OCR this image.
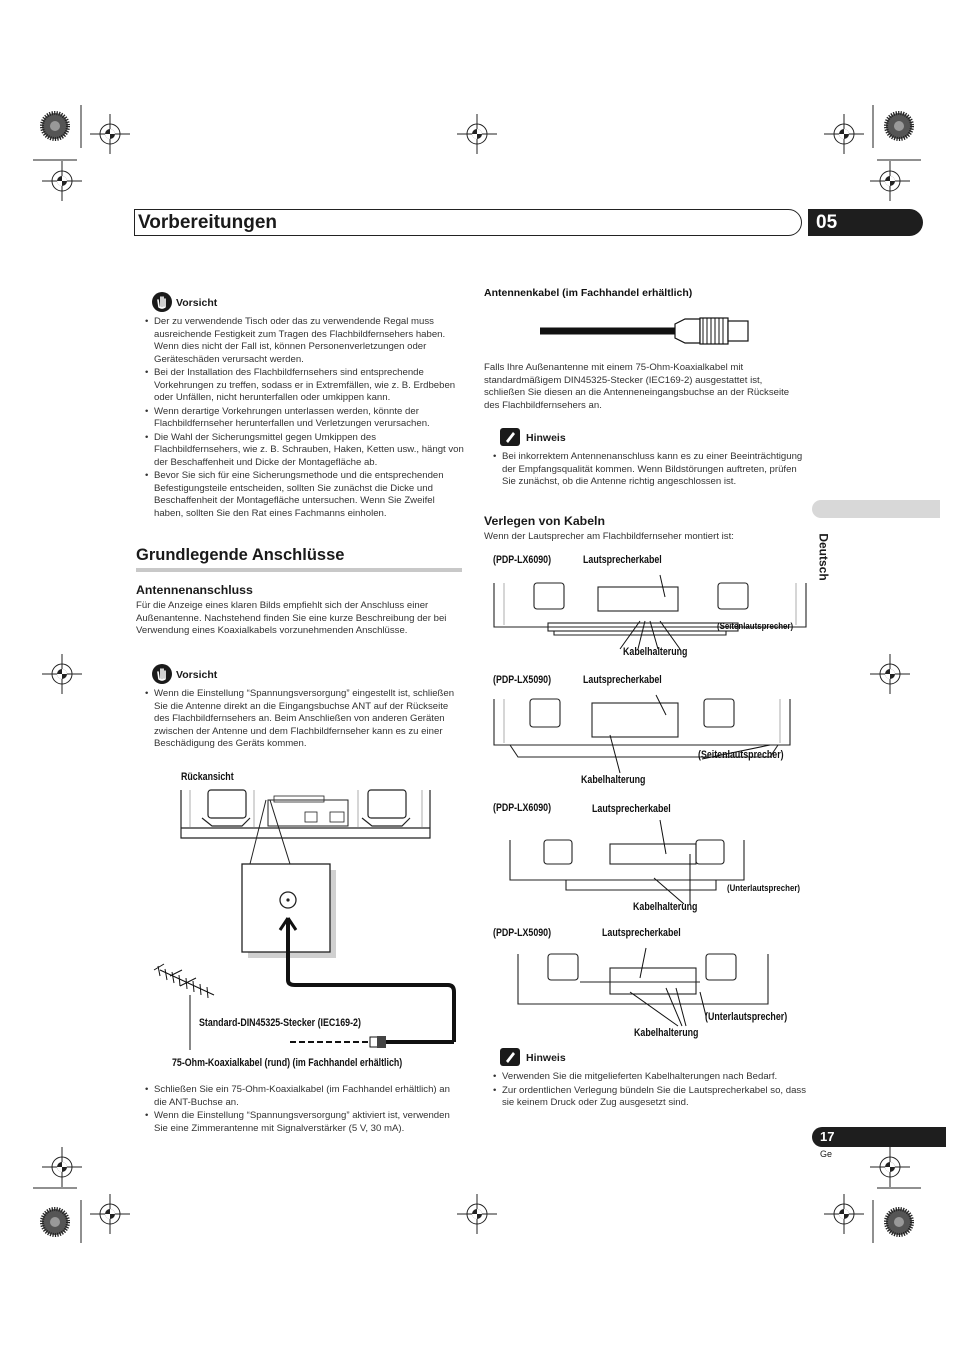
Vorbereitungen	05
Deutsch
Vorsicht
• Der zu verwendende Tisch oder das zu verwendende Regal muss ausreichende Festigkeit zum Tragen des Flachbildfernsehers haben. Wenn dies nicht der Fall ist, können Personenverletzungen oder Geräteschäden verursacht werden.
• Bei der Installation des Flachbildfernsehers sind entsprechende Vorkehrungen zu treffen, sodass er in Extremfällen, wie z. B. Erdbeben oder Unfällen, nicht herunterfallen oder umkippen kann.
• Wenn derartige Vorkehrungen unterlassen werden, könnte der Flachbildfernseher herunterfallen und Verletzungen verursachen.
• Die Wahl der Sicherungsmittel gegen Umkippen des Flachbildfernsehers, wie z. B. Schrauben, Haken, Ketten usw., hängt von der Beschaffenheit und Dicke der Montagefläche ab.
• Bevor Sie sich für eine Sicherungsmethode und die entsprechenden Befestigungsteile entscheiden, sollten Sie zunächst die Dicke und Beschaffenheit der Montagefläche untersuchen. Wenn Sie Zweifel haben, sollten Sie den Rat eines Fachmanns einholen.
Grundlegende Anschlüsse
Antennenanschluss
Für die Anzeige eines klaren Bilds empfiehlt sich der Anschluss einer Außenantenne. Nachstehend finden Sie eine kurze Beschreibung der bei Verwendung eines Koaxialkabels vorzunehmenden Anschlüsse.
Vorsicht
• Wenn die Einstellung “Spannungsversorgung” eingestellt ist, schließen Sie die Antenne direkt an die Eingangsbuchse ANT auf der Rückseite des Flachbildfernsehers an. Beim Anschließen von anderen Geräten zwischen der Antenne und dem Flachbildfernseher kann es zu einer Beschädigung des Geräts kommen.
Rückansicht
Standard-DIN45325-Stecker (IEC169-2)
75-Ohm-Koaxialkabel (rund) (im Fachhandel erhältlich)
• Schließen Sie ein 75-Ohm-Koaxialkabel (im Fachhandel erhältlich) an die ANT-Buchse an.
• Wenn die Einstellung “Spannungsversorgung” aktiviert ist, verwenden Sie eine Zimmerantenne mit Signalverstärker (5 V, 30 mA).
Antennenkabel (im Fachhandel erhältlich)
Falls Ihre Außenantenne mit einem 75-Ohm-Koaxialkabel mit standardmäßigem DIN45325-Stecker (IEC169-2) ausgestattet ist, schließen Sie diesen an die Antenneneingangsbuchse an der Rückseite des Flachbildfernsehers an.
Hinweis
• Bei inkorrektem Antennenanschluss kann es zu einer Beeinträchtigung der Empfangsqualität kommen. Wenn Bildstörungen auftreten, prüfen Sie zunächst, ob die Antenne richtig angeschlossen ist.
Verlegen von Kabeln
Wenn der Lautsprecher am Flachbildfernseher montiert ist:
(PDP-LX6090)	Lautsprecherkabel
(Seitenlautsprecher)
Kabelhalterung
(PDP-LX5090)	Lautsprecherkabel
(Seitenlautsprecher)
Kabelhalterung
(PDP-LX6090)	Lautsprecherkabel
(Unterlautsprecher)
Kabelhalterung
(PDP-LX5090)	Lautsprecherkabel
(Unterlautsprecher)
Kabelhalterung
Hinweis
• Verwenden Sie die mitgelieferten Kabelhalterungen nach Bedarf.
• Zur ordentlichen Verlegung bündeln Sie die Lautsprecherkabel so, dass sie keinem Druck oder Zug ausgesetzt sind.
17
Ge
